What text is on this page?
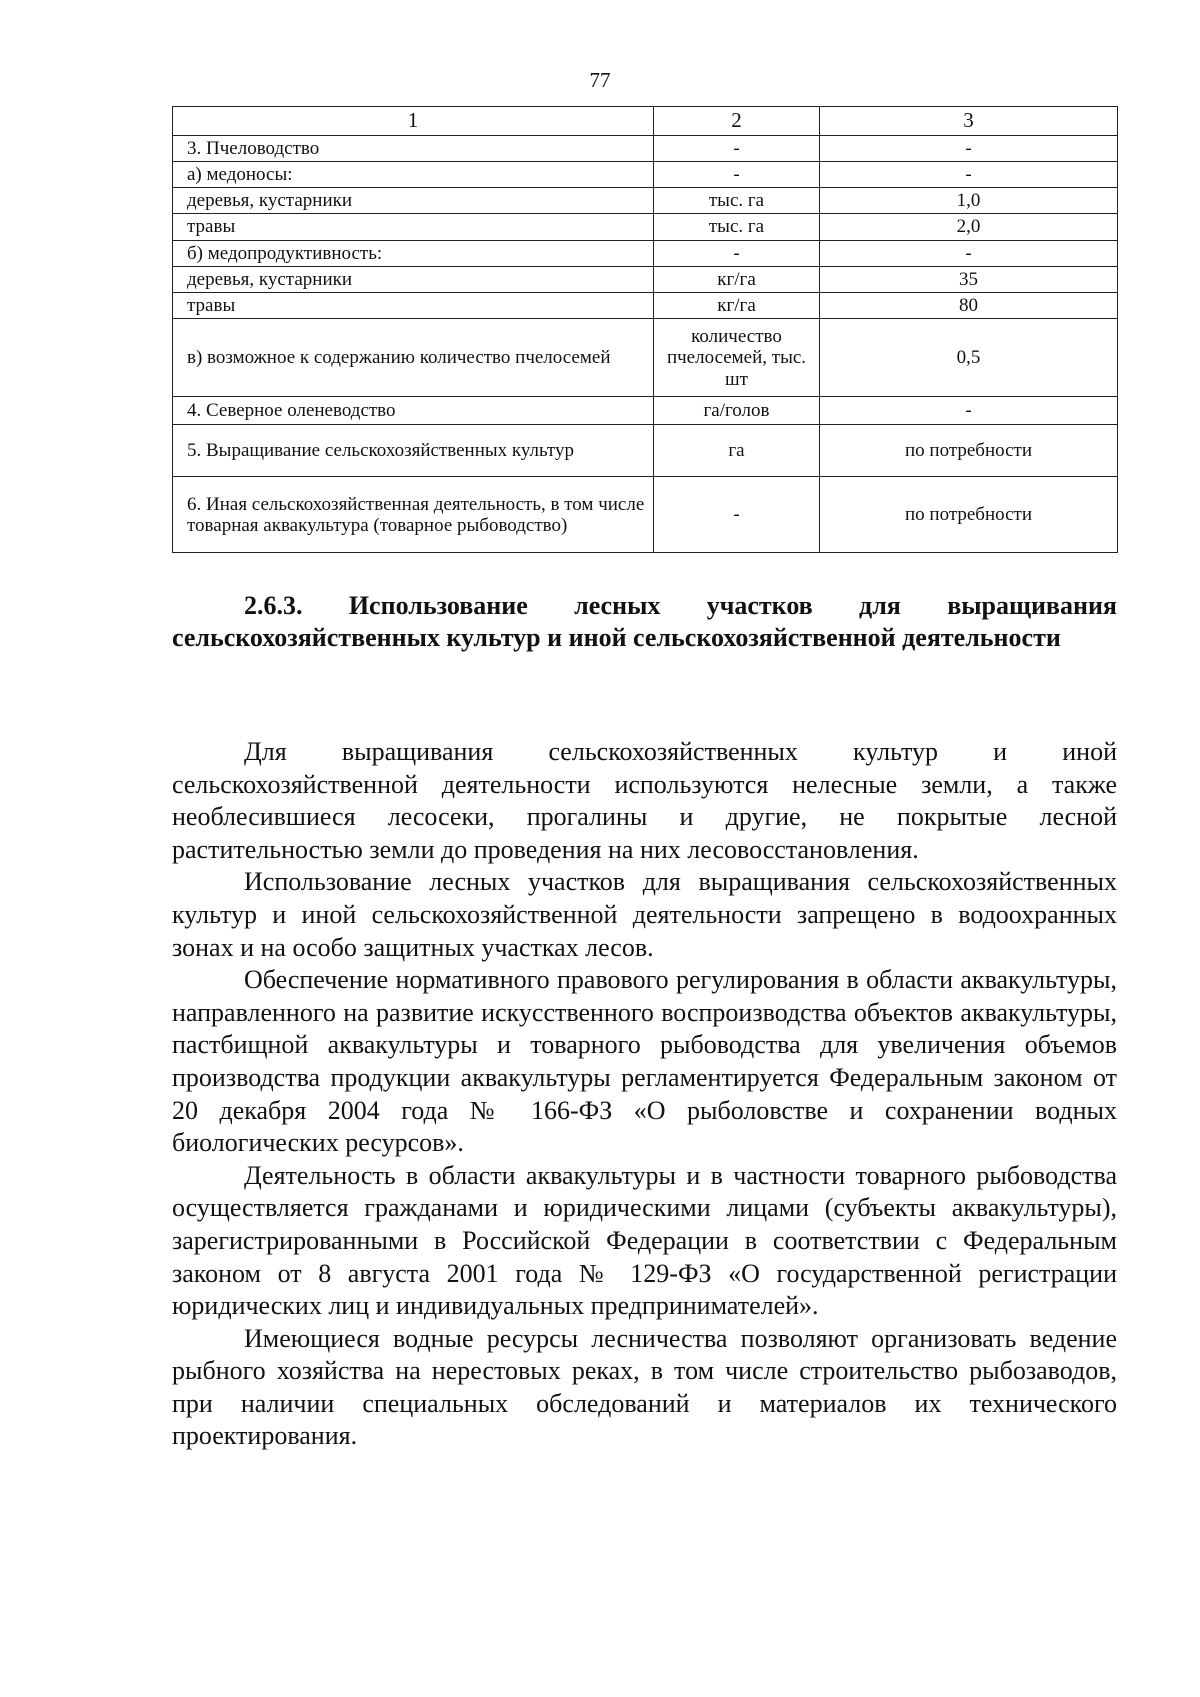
77
1	2	3
3. Пчеловодство	-	-
а) медоносы:	-	-
деревья, кустарники	тыс. га	1,0
травы	тыс. га	2,0
б) медопродуктивность:	-	-
деревья, кустарники	кг/га	35
травы	кг/га	80
в) возможное к содержанию количество пчелосемей	количество пчелосемей, тыс. шт	0,5
4. Северное оленеводство	га/голов	-
5. Выращивание сельскохозяйственных культур	га	по потребности
6. Иная сельскохозяйственная деятельность, в том числе товарная аквакультура (товарное рыбоводство)	-	по потребности
2.6.3. Использование лесных участков для выращивания сельскохозяйственных культур и иной сельскохозяйственной деятельности

Для выращивания сельскохозяйственных культур и иной сельскохозяйственной деятельности используются нелесные земли, а также необлесившиеся лесосеки, прогалины и другие, не покрытые лесной растительностью земли до проведения на них лесовосстановления.

Использование лесных участков для выращивания сельскохозяйственных культур и иной сельскохозяйственной деятельности запрещено в водоохранных зонах и на особо защитных участках лесов.

Обеспечение нормативного правового регулирования в области аквакультуры, направленного на развитие искусственного воспроизводства объектов аквакультуры, пастбищной аквакультуры и товарного рыбоводства для увеличения объемов производства продукции аквакультуры регламентируется Федеральным законом от 20 декабря 2004 года № 166-ФЗ «О рыболовстве и сохранении водных биологических ресурсов».

Деятельность в области аквакультуры и в частности товарного рыбоводства осуществляется гражданами и юридическими лицами (субъекты аквакультуры), зарегистрированными в Российской Федерации в соответствии с Федеральным законом от 8 августа 2001 года № 129-ФЗ «О государственной регистрации юридических лиц и индивидуальных предпринимателей».

Имеющиеся водные ресурсы лесничества позволяют организовать ведение рыбного хозяйства на нерестовых реках, в том числе строительство рыбозаводов, при наличии специальных обследований и материалов их технического проектирования.
